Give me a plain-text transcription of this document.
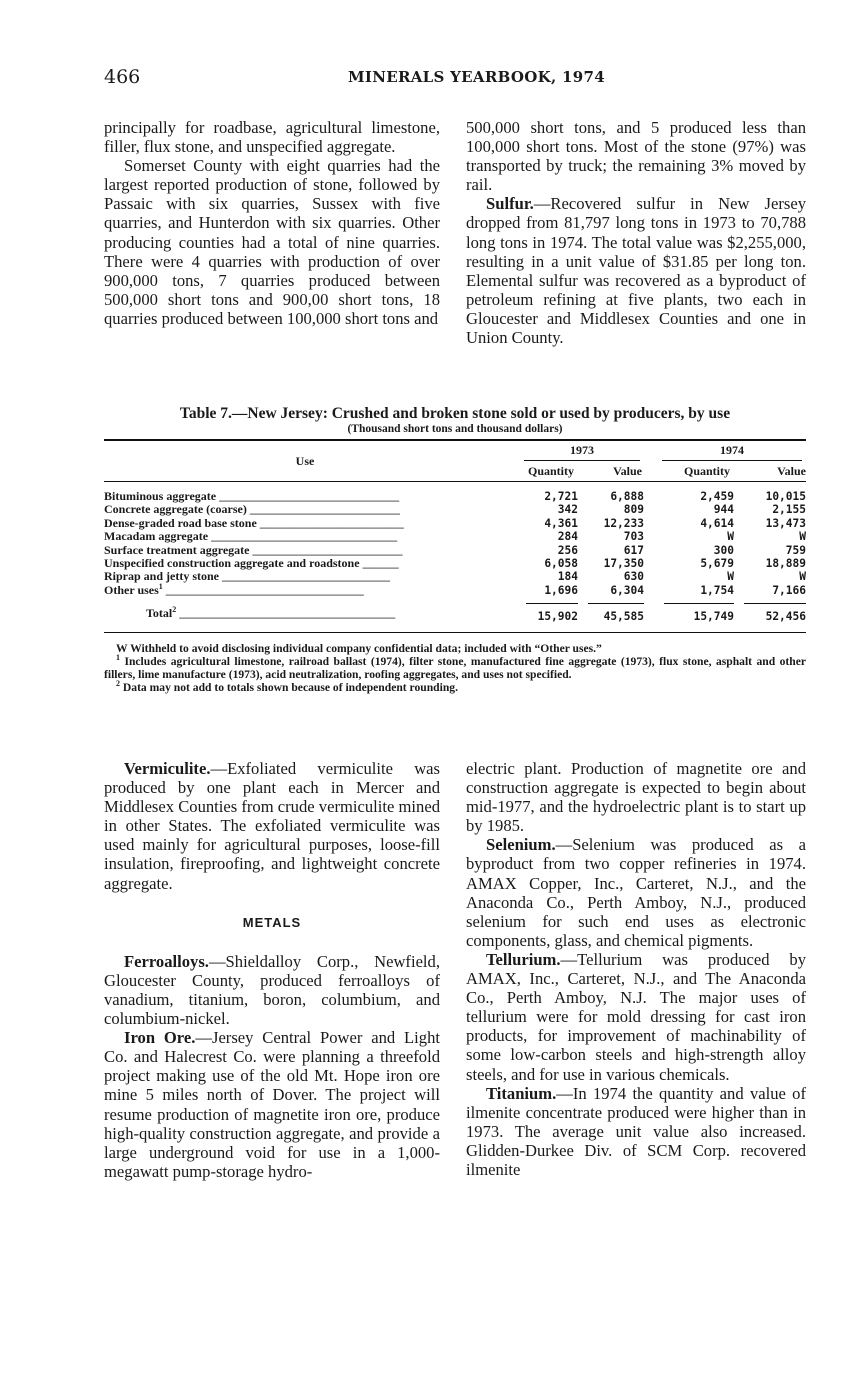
466	MINERALS YEARBOOK, 1974

principally for roadbase, agricultural limestone, filler, flux stone, and unspecified aggregate.

Somerset County with eight quarries had the largest reported production of stone, followed by Passaic with six quarries, Sussex with five quarries, and Hunterdon with six quarries. Other producing counties had a total of nine quarries. There were 4 quarries with production of over 900,000 tons, 7 quarries produced between 500,000 short tons and 900,00 short tons, 18 quarries produced between 100,000 short tons and

500,000 short tons, and 5 produced less than 100,000 short tons. Most of the stone (97%) was transported by truck; the remaining 3% moved by rail.

Sulfur.—Recovered sulfur in New Jersey dropped from 81,797 long tons in 1973 to 70,788 long tons in 1974. The total value was $2,255,000, resulting in a unit value of $31.85 per long ton. Elemental sulfur was recovered as a byproduct of petroleum refining at five plants, two each in Gloucester and Middlesex Counties and one in Union County.

Table 7.—New Jersey: Crushed and broken stone sold or used by producers, by use
(Thousand short tons and thousand dollars)
Use	1973		1974	

	Quantity	Value	Quantity	Value
Bituminous aggregate ______________________________	2,721	6,888	2,459	10,015
Concrete aggregate (coarse) _________________________	342	809	944	2,155
Dense-graded road base stone ________________________	4,361	12,233	4,614	13,473
Macadam aggregate _______________________________	284	703	W	W
Surface treatment aggregate _________________________	256	617	300	759
Unspecified construction aggregate and roadstone ______	6,058	17,350	5,679	18,889
Riprap and jetty stone ____________________________	184	630	W	W
Other uses$^1$ _________________________________	1,696	6,304	1,754	7,166
Total$^2$ ____________________________________	15,902	45,585	15,749	52,456

W Withheld to avoid disclosing individual company confidential data; included with “Other uses.”

$^1$ Includes agricultural limestone, railroad ballast (1974), filter stone, manufactured fine aggregate (1973), flux stone, asphalt and other fillers, lime manufacture (1973), acid neutralization, roofing aggregates, and uses not specified.

$^2$ Data may not add to totals shown because of independent rounding.

Vermiculite.—Exfoliated vermiculite was produced by one plant each in Mercer and Middlesex Counties from crude vermiculite mined in other States. The exfoliated vermiculite was used mainly for agricultural purposes, loose-fill insulation, fireproofing, and lightweight concrete aggregate.

METALS

Ferroalloys.—Shieldalloy Corp., Newfield, Gloucester County, produced ferroalloys of vanadium, titanium, boron, columbium, and columbium-nickel.

Iron Ore.—Jersey Central Power and Light Co. and Halecrest Co. were planning a threefold project making use of the old Mt. Hope iron ore mine 5 miles north of Dover. The project will resume production of magnetite iron ore, produce high-quality construction aggregate, and provide a large underground void for use in a 1,000-megawatt pump-storage hydro-

electric plant. Production of magnetite ore and construction aggregate is expected to begin about mid-1977, and the hydroelectric plant is to start up by 1985.

Selenium.—Selenium was produced as a byproduct from two copper refineries in 1974. AMAX Copper, Inc., Carteret, N.J., and the Anaconda Co., Perth Amboy, N.J., produced selenium for such end uses as electronic components, glass, and chemical pigments.

Tellurium.—Tellurium was produced by AMAX, Inc., Carteret, N.J., and The Anaconda Co., Perth Amboy, N.J. The major uses of tellurium were for mold dressing for cast iron products, for improvement of machinability of some low-carbon steels and high-strength alloy steels, and for use in various chemicals.

Titanium.—In 1974 the quantity and value of ilmenite concentrate produced were higher than in 1973. The average unit value also increased. Glidden-Durkee Div. of SCM Corp. recovered ilmenite
